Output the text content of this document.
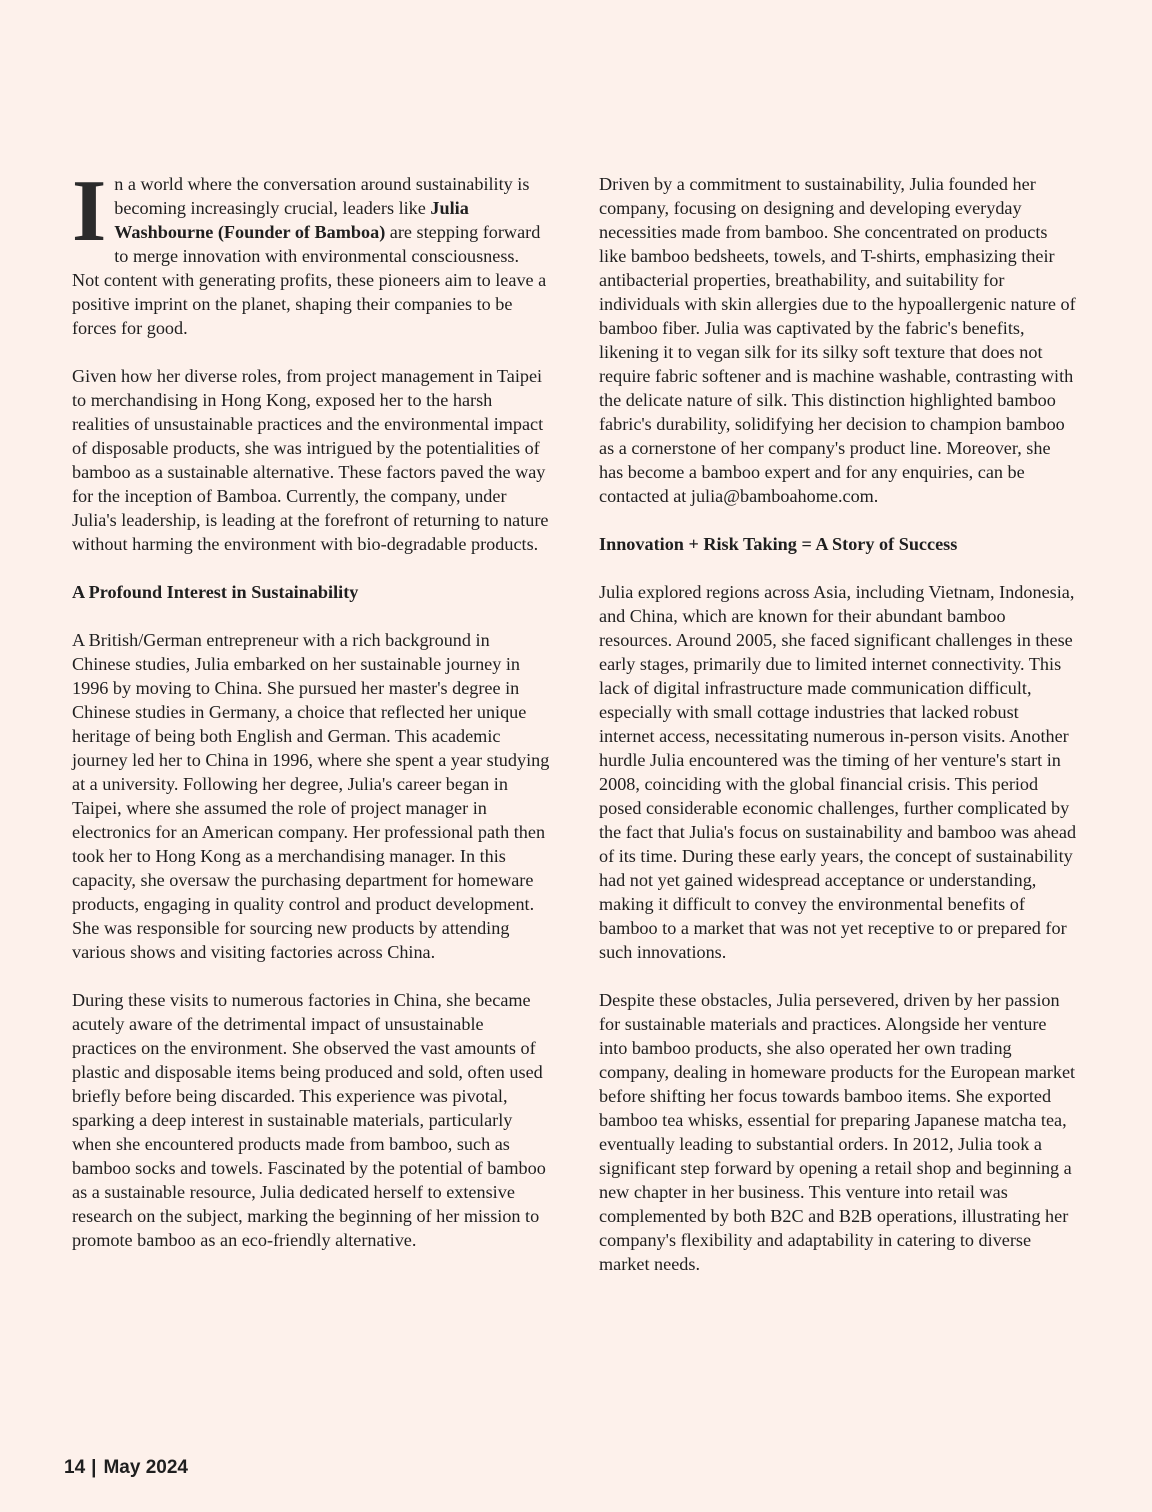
In a world where the conversation around sustainability is becoming increasingly crucial, leaders like Julia Washbourne (Founder of Bamboa) are stepping forward to merge innovation with environmental consciousness. Not content with generating profits, these pioneers aim to leave a positive imprint on the planet, shaping their companies to be forces for good.

Given how her diverse roles, from project management in Taipei to merchandising in Hong Kong, exposed her to the harsh realities of unsustainable practices and the environmental impact of disposable products, she was intrigued by the potentialities of bamboo as a sustainable alternative. These factors paved the way for the inception of Bamboa. Currently, the company, under Julia's leadership, is leading at the forefront of returning to nature without harming the environment with bio-degradable products.

A Profound Interest in Sustainability

A British/German entrepreneur with a rich background in Chinese studies, Julia embarked on her sustainable journey in 1996 by moving to China. She pursued her master's degree in Chinese studies in Germany, a choice that reflected her unique heritage of being both English and German. This academic journey led her to China in 1996, where she spent a year studying at a university. Following her degree, Julia's career began in Taipei, where she assumed the role of project manager in electronics for an American company. Her professional path then took her to Hong Kong as a merchandising manager. In this capacity, she oversaw the purchasing department for homeware products, engaging in quality control and product development. She was responsible for sourcing new products by attending various shows and visiting factories across China.

During these visits to numerous factories in China, she became acutely aware of the detrimental impact of unsustainable practices on the environment. She observed the vast amounts of plastic and disposable items being produced and sold, often used briefly before being discarded. This experience was pivotal, sparking a deep interest in sustainable materials, particularly when she encountered products made from bamboo, such as bamboo socks and towels. Fascinated by the potential of bamboo as a sustainable resource, Julia dedicated herself to extensive research on the subject, marking the beginning of her mission to promote bamboo as an eco-friendly alternative.

Driven by a commitment to sustainability, Julia founded her company, focusing on designing and developing everyday necessities made from bamboo. She concentrated on products like bamboo bedsheets, towels, and T-shirts, emphasizing their antibacterial properties, breathability, and suitability for individuals with skin allergies due to the hypoallergenic nature of bamboo fiber. Julia was captivated by the fabric's benefits, likening it to vegan silk for its silky soft texture that does not require fabric softener and is machine washable, contrasting with the delicate nature of silk. This distinction highlighted bamboo fabric's durability, solidifying her decision to champion bamboo as a cornerstone of her company's product line. Moreover, she has become a bamboo expert and for any enquiries, can be contacted at julia@bamboahome.com.

Innovation + Risk Taking = A Story of Success

Julia explored regions across Asia, including Vietnam, Indonesia, and China, which are known for their abundant bamboo resources. Around 2005, she faced significant challenges in these early stages, primarily due to limited internet connectivity. This lack of digital infrastructure made communication difficult, especially with small cottage industries that lacked robust internet access, necessitating numerous in-person visits. Another hurdle Julia encountered was the timing of her venture's start in 2008, coinciding with the global financial crisis. This period posed considerable economic challenges, further complicated by the fact that Julia's focus on sustainability and bamboo was ahead of its time. During these early years, the concept of sustainability had not yet gained widespread acceptance or understanding, making it difficult to convey the environmental benefits of bamboo to a market that was not yet receptive to or prepared for such innovations.

Despite these obstacles, Julia persevered, driven by her passion for sustainable materials and practices. Alongside her venture into bamboo products, she also operated her own trading company, dealing in homeware products for the European market before shifting her focus towards bamboo items. She exported bamboo tea whisks, essential for preparing Japanese matcha tea, eventually leading to substantial orders. In 2012, Julia took a significant step forward by opening a retail shop and beginning a new chapter in her business. This venture into retail was complemented by both B2C and B2B operations, illustrating her company's flexibility and adaptability in catering to diverse market needs.

14 | May 2024
